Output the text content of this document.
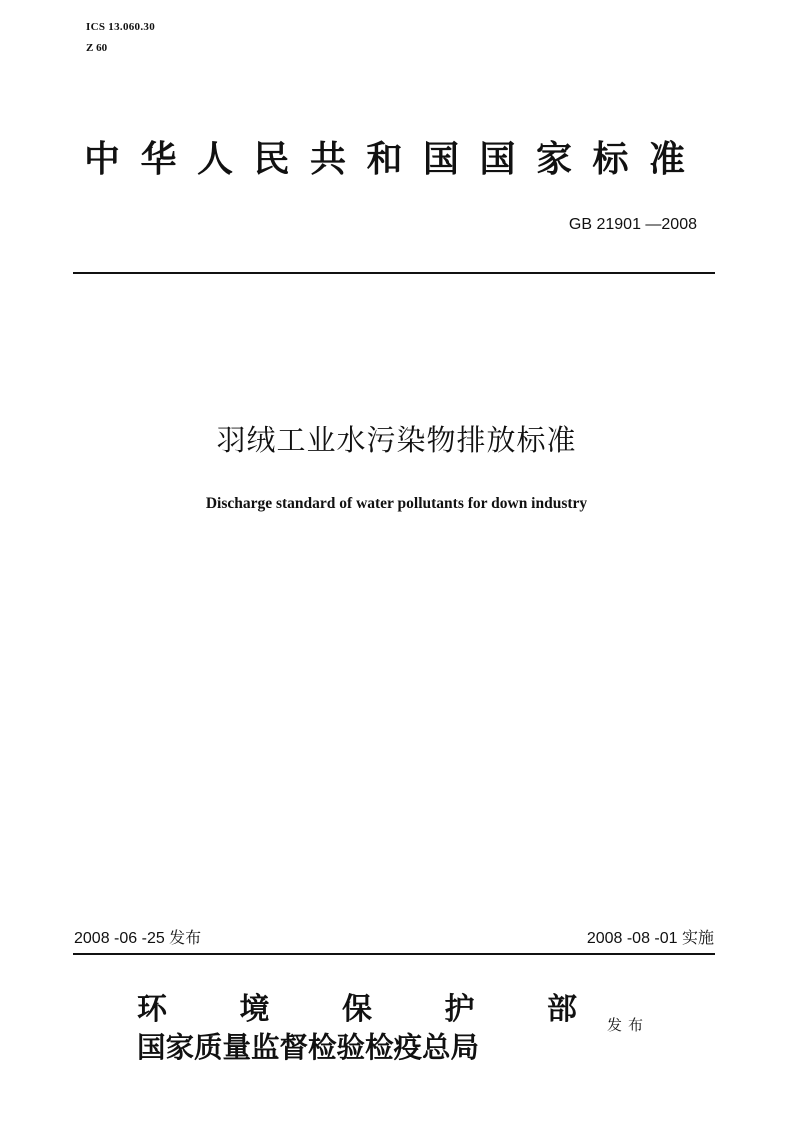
ICS 13.060.30
Z 60
中华人民共和国国家标准
GB 21901 —2008
羽绒工业水污染物排放标准
Discharge standard of water pollutants for down industry
2008 -06 -25 发布	2008 -08 -01 实施
环 境 保 护 部
国家质量监督检验检疫总局
发布
